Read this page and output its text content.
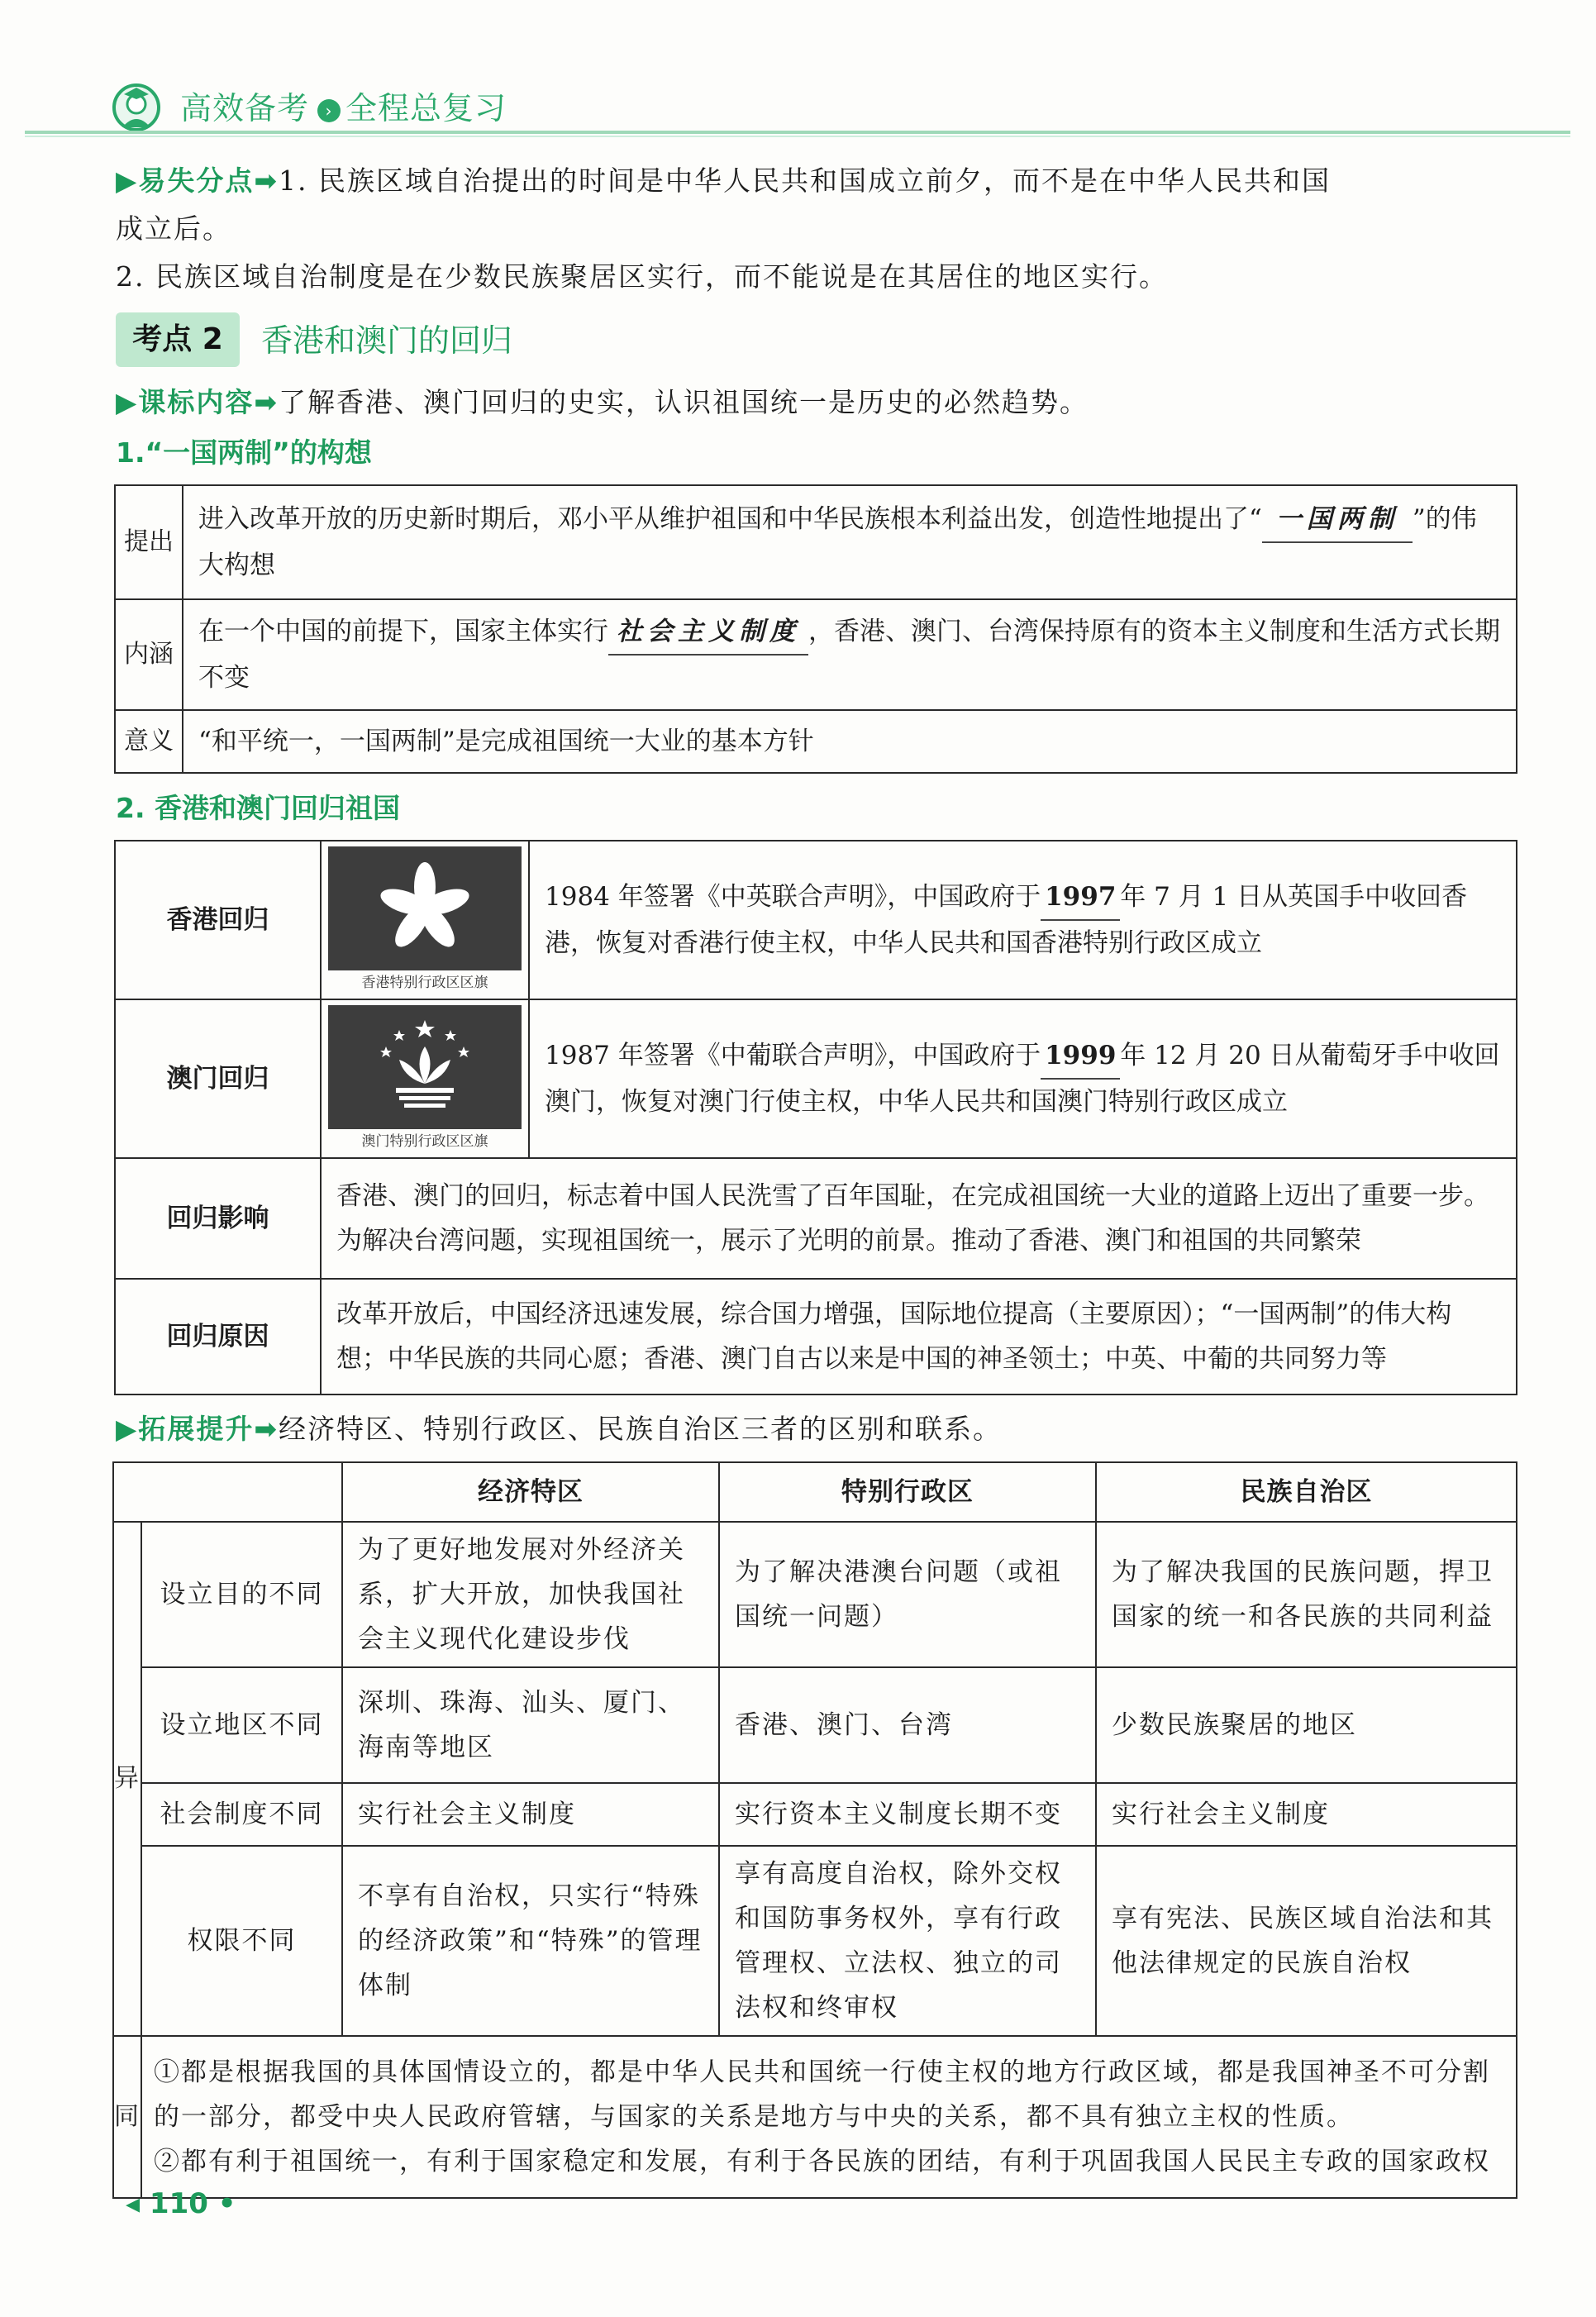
高效备考 › 全程总复习

▶易失分点➡1. 民族区域自治提出的时间是中华人民共和国成立前夕，而不是在中华人民共和国

成立后。

2. 民族区域自治制度是在少数民族聚居区实行，而不能说是在其居住的地区实行。

考点 2	香港和澳门的回归

▶课标内容➡了解香港、澳门回归的史实，认识祖国统一是历史的必然趋势。

1.“一国两制”的构想
提出	进入改革开放的历史新时期后，邓小平从维护祖国和中华民族根本利益出发，创造性地提出了“ 一国两制 ”的伟大构想
内涵	在一个中国的前提下，国家主体实行 社会主义制度 ，香港、澳门、台湾保持原有的资本主义制度和生活方式长期不变
意义	“和平统一，一国两制”是完成祖国统一大业的基本方针
2. 香港和澳门回归祖国
香港回归	香港特别行政区区旗	1984 年签署《中英联合声明》，中国政府于 1997 年 7 月 1 日从英国手中收回香港，恢复对香港行使主权，中华人民共和国香港特别行政区成立
澳门回归	澳门特别行政区区旗	1987 年签署《中葡联合声明》，中国政府于 1999 年 12 月 20 日从葡萄牙手中收回澳门，恢复对澳门行使主权，中华人民共和国澳门特别行政区成立
回归影响	香港、澳门的回归，标志着中国人民洗雪了百年国耻，在完成祖国统一大业的道路上迈出了重要一步。为解决台湾问题，实现祖国统一，展示了光明的前景。推动了香港、澳门和祖国的共同繁荣	
回归原因	改革开放后，中国经济迅速发展，综合国力增强，国际地位提高（主要原因）；“一国两制”的伟大构想；中华民族的共同心愿；香港、澳门自古以来是中国的神圣领土；中英、中葡的共同努力等	

▶拓展提升➡经济特区、特别行政区、民族自治区三者的区别和联系。

		经济特区	特别行政区	民族自治区
异	设立目的不同	为了更好地发展对外经济关系，扩大开放，加快我国社会主义现代化建设步伐	为了解决港澳台问题（或祖国统一问题）	为了解决我国的民族问题，捍卫国家的统一和各民族的共同利益
	设立地区不同	深圳、珠海、汕头、厦门、海南等地区	香港、澳门、台湾	少数民族聚居的地区
	社会制度不同	实行社会主义制度	实行资本主义制度长期不变	实行社会主义制度
	权限不同	不享有自治权，只实行“特殊的经济政策”和“特殊”的管理体制	享有高度自治权，除外交权和国防事务权外，享有行政管理权、立法权、独立的司法权和终审权	享有宪法、民族区域自治法和其他法律规定的民族自治权
同	①都是根据我国的具体国情设立的，都是中华人民共和国统一行使主权的地方行政区域，都是我国神圣不可分割的一部分，都受中央人民政府管辖，与国家的关系是地方与中央的关系，都不具有独立主权的性质。
②都有利于祖国统一，有利于国家稳定和发展，有利于各民族的团结，有利于巩固我国人民民主专政的国家政权			
◂ 110 •
